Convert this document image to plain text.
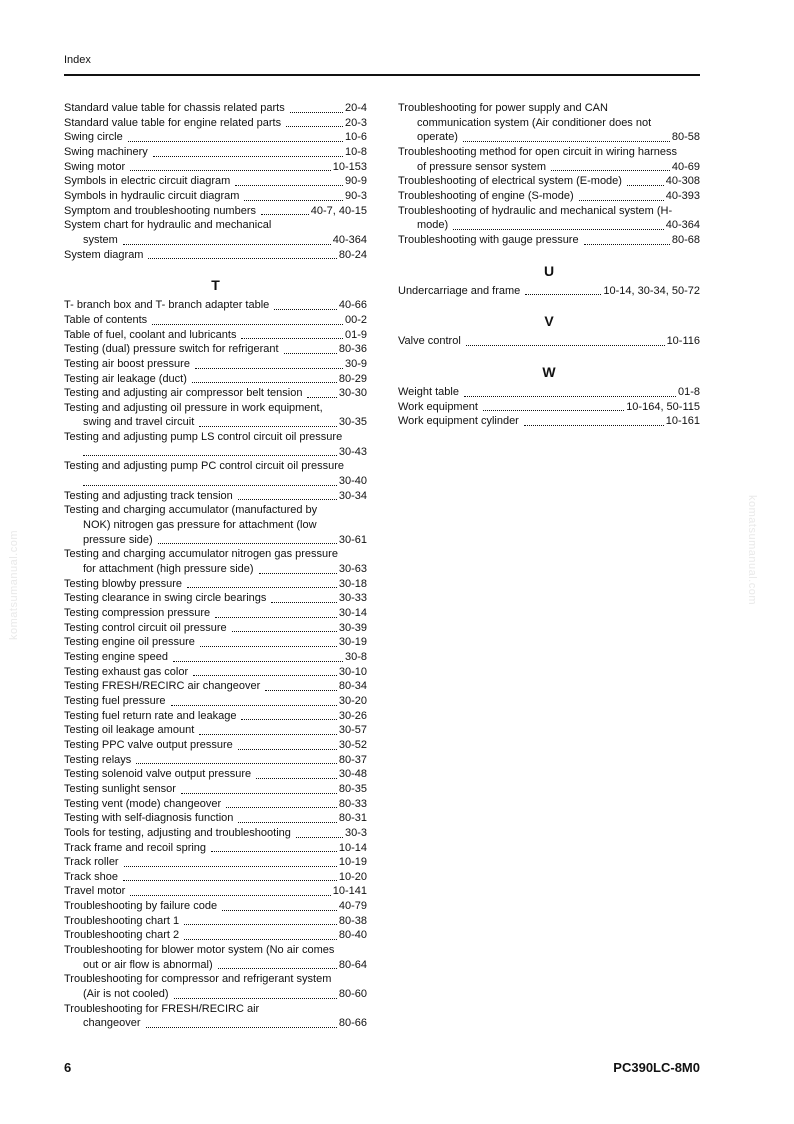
Index
Standard value table for chassis related parts	20-4
Standard value table for engine related parts	20-3
Swing circle	10-6
Swing machinery	10-8
Swing motor	10-153
Symbols in electric circuit diagram	90-9
Symbols in hydraulic circuit diagram	90-3
Symptom and troubleshooting numbers	40-7, 40-15
System chart for hydraulic and mechanical
system	40-364
System diagram	80-24
T
T- branch box and T- branch adapter table	40-66
Table of contents	00-2
Table of fuel, coolant and lubricants	01-9
Testing (dual) pressure switch for refrigerant	80-36
Testing air boost pressure	30-9
Testing air leakage (duct)	80-29
Testing and adjusting air compressor belt tension	30-30
Testing and adjusting oil pressure in work equipment,
swing and travel circuit	30-35
Testing and adjusting pump LS control circuit oil pressure
30-43
Testing and adjusting pump PC control circuit oil pressure
30-40
Testing and adjusting track tension	30-34
Testing and charging accumulator (manufactured by
NOK) nitrogen gas pressure for attachment (low
pressure side)	30-61
Testing and charging accumulator nitrogen gas pressure
for attachment (high pressure side)	30-63
Testing blowby pressure	30-18
Testing clearance in swing circle bearings	30-33
Testing compression pressure	30-14
Testing control circuit oil pressure	30-39
Testing engine oil pressure	30-19
Testing engine speed	30-8
Testing exhaust gas color	30-10
Testing FRESH/RECIRC air changeover	80-34
Testing fuel pressure	30-20
Testing fuel return rate and leakage	30-26
Testing oil leakage amount	30-57
Testing PPC valve output pressure	30-52
Testing relays	80-37
Testing solenoid valve output pressure	30-48
Testing sunlight sensor	80-35
Testing vent (mode) changeover	80-33
Testing with self-diagnosis function	80-31
Tools for testing, adjusting and troubleshooting	30-3
Track frame and recoil spring	10-14
Track roller	10-19
Track shoe	10-20
Travel motor	10-141
Troubleshooting by failure code	40-79
Troubleshooting chart 1	80-38
Troubleshooting chart 2	80-40
Troubleshooting for blower motor system (No air comes
out or air flow is abnormal)	80-64
Troubleshooting for compressor and refrigerant system
(Air is not cooled)	80-60
Troubleshooting for FRESH/RECIRC air
changeover	80-66
Troubleshooting for power supply and CAN
communication system (Air conditioner does not
operate)	80-58
Troubleshooting method for open circuit in wiring harness
of pressure sensor system	40-69
Troubleshooting of electrical system (E-mode)	40-308
Troubleshooting of engine (S-mode)	40-393
Troubleshooting of hydraulic and mechanical system (H-
mode)	40-364
Troubleshooting with gauge pressure	80-68
U
Undercarriage and frame	10-14, 30-34, 50-72
V
Valve control	10-116
W
Weight table	01-8
Work equipment	10-164, 50-115
Work equipment cylinder	10-161
komatsumanual.com	komatsumanual.com
6	PC390LC-8M0
